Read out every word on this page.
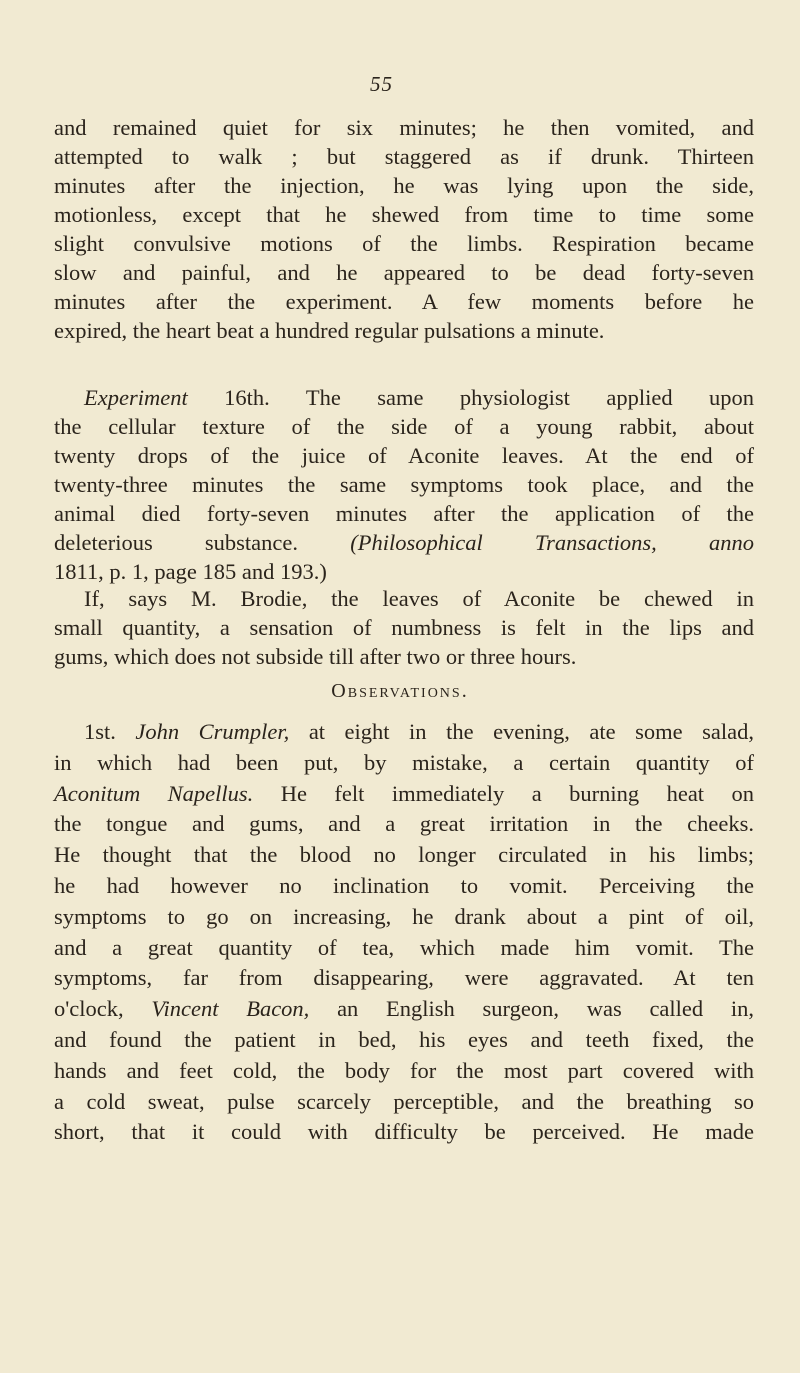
55
and remained quiet for six minutes; he then vomited, and
attempted to walk ; but staggered as if drunk. Thirteen
minutes after the injection, he was lying upon the side,
motionless, except that he shewed from time to time some
slight convulsive motions of the limbs. Respiration became
slow and painful, and he appeared to be dead forty-seven
minutes after the experiment. A few moments before he
expired, the heart beat a hundred regular pulsations a minute.
Experiment 16th. The same physiologist applied upon
the cellular texture of the side of a young rabbit, about
twenty drops of the juice of Aconite leaves. At the end of
twenty-three minutes the same symptoms took place, and the
animal died forty-seven minutes after the application of the
deleterious substance. (Philosophical Transactions, anno
1811, p. 1, page 185 and 193.)
If, says M. Brodie, the leaves of Aconite be chewed in
small quantity, a sensation of numbness is felt in the lips and
gums, which does not subside till after two or three hours.
Observations.
1st. John Crumpler, at eight in the evening, ate some salad,
in which had been put, by mistake, a certain quantity of
Aconitum Napellus. He felt immediately a burning heat on
the tongue and gums, and a great irritation in the cheeks.
He thought that the blood no longer circulated in his limbs;
he had however no inclination to vomit. Perceiving the
symptoms to go on increasing, he drank about a pint of oil,
and a great quantity of tea, which made him vomit. The
symptoms, far from disappearing, were aggravated. At ten
o'clock, Vincent Bacon, an English surgeon, was called in,
and found the patient in bed, his eyes and teeth fixed, the
hands and feet cold, the body for the most part covered with
a cold sweat, pulse scarcely perceptible, and the breathing so
short, that it could with difficulty be perceived. He made
